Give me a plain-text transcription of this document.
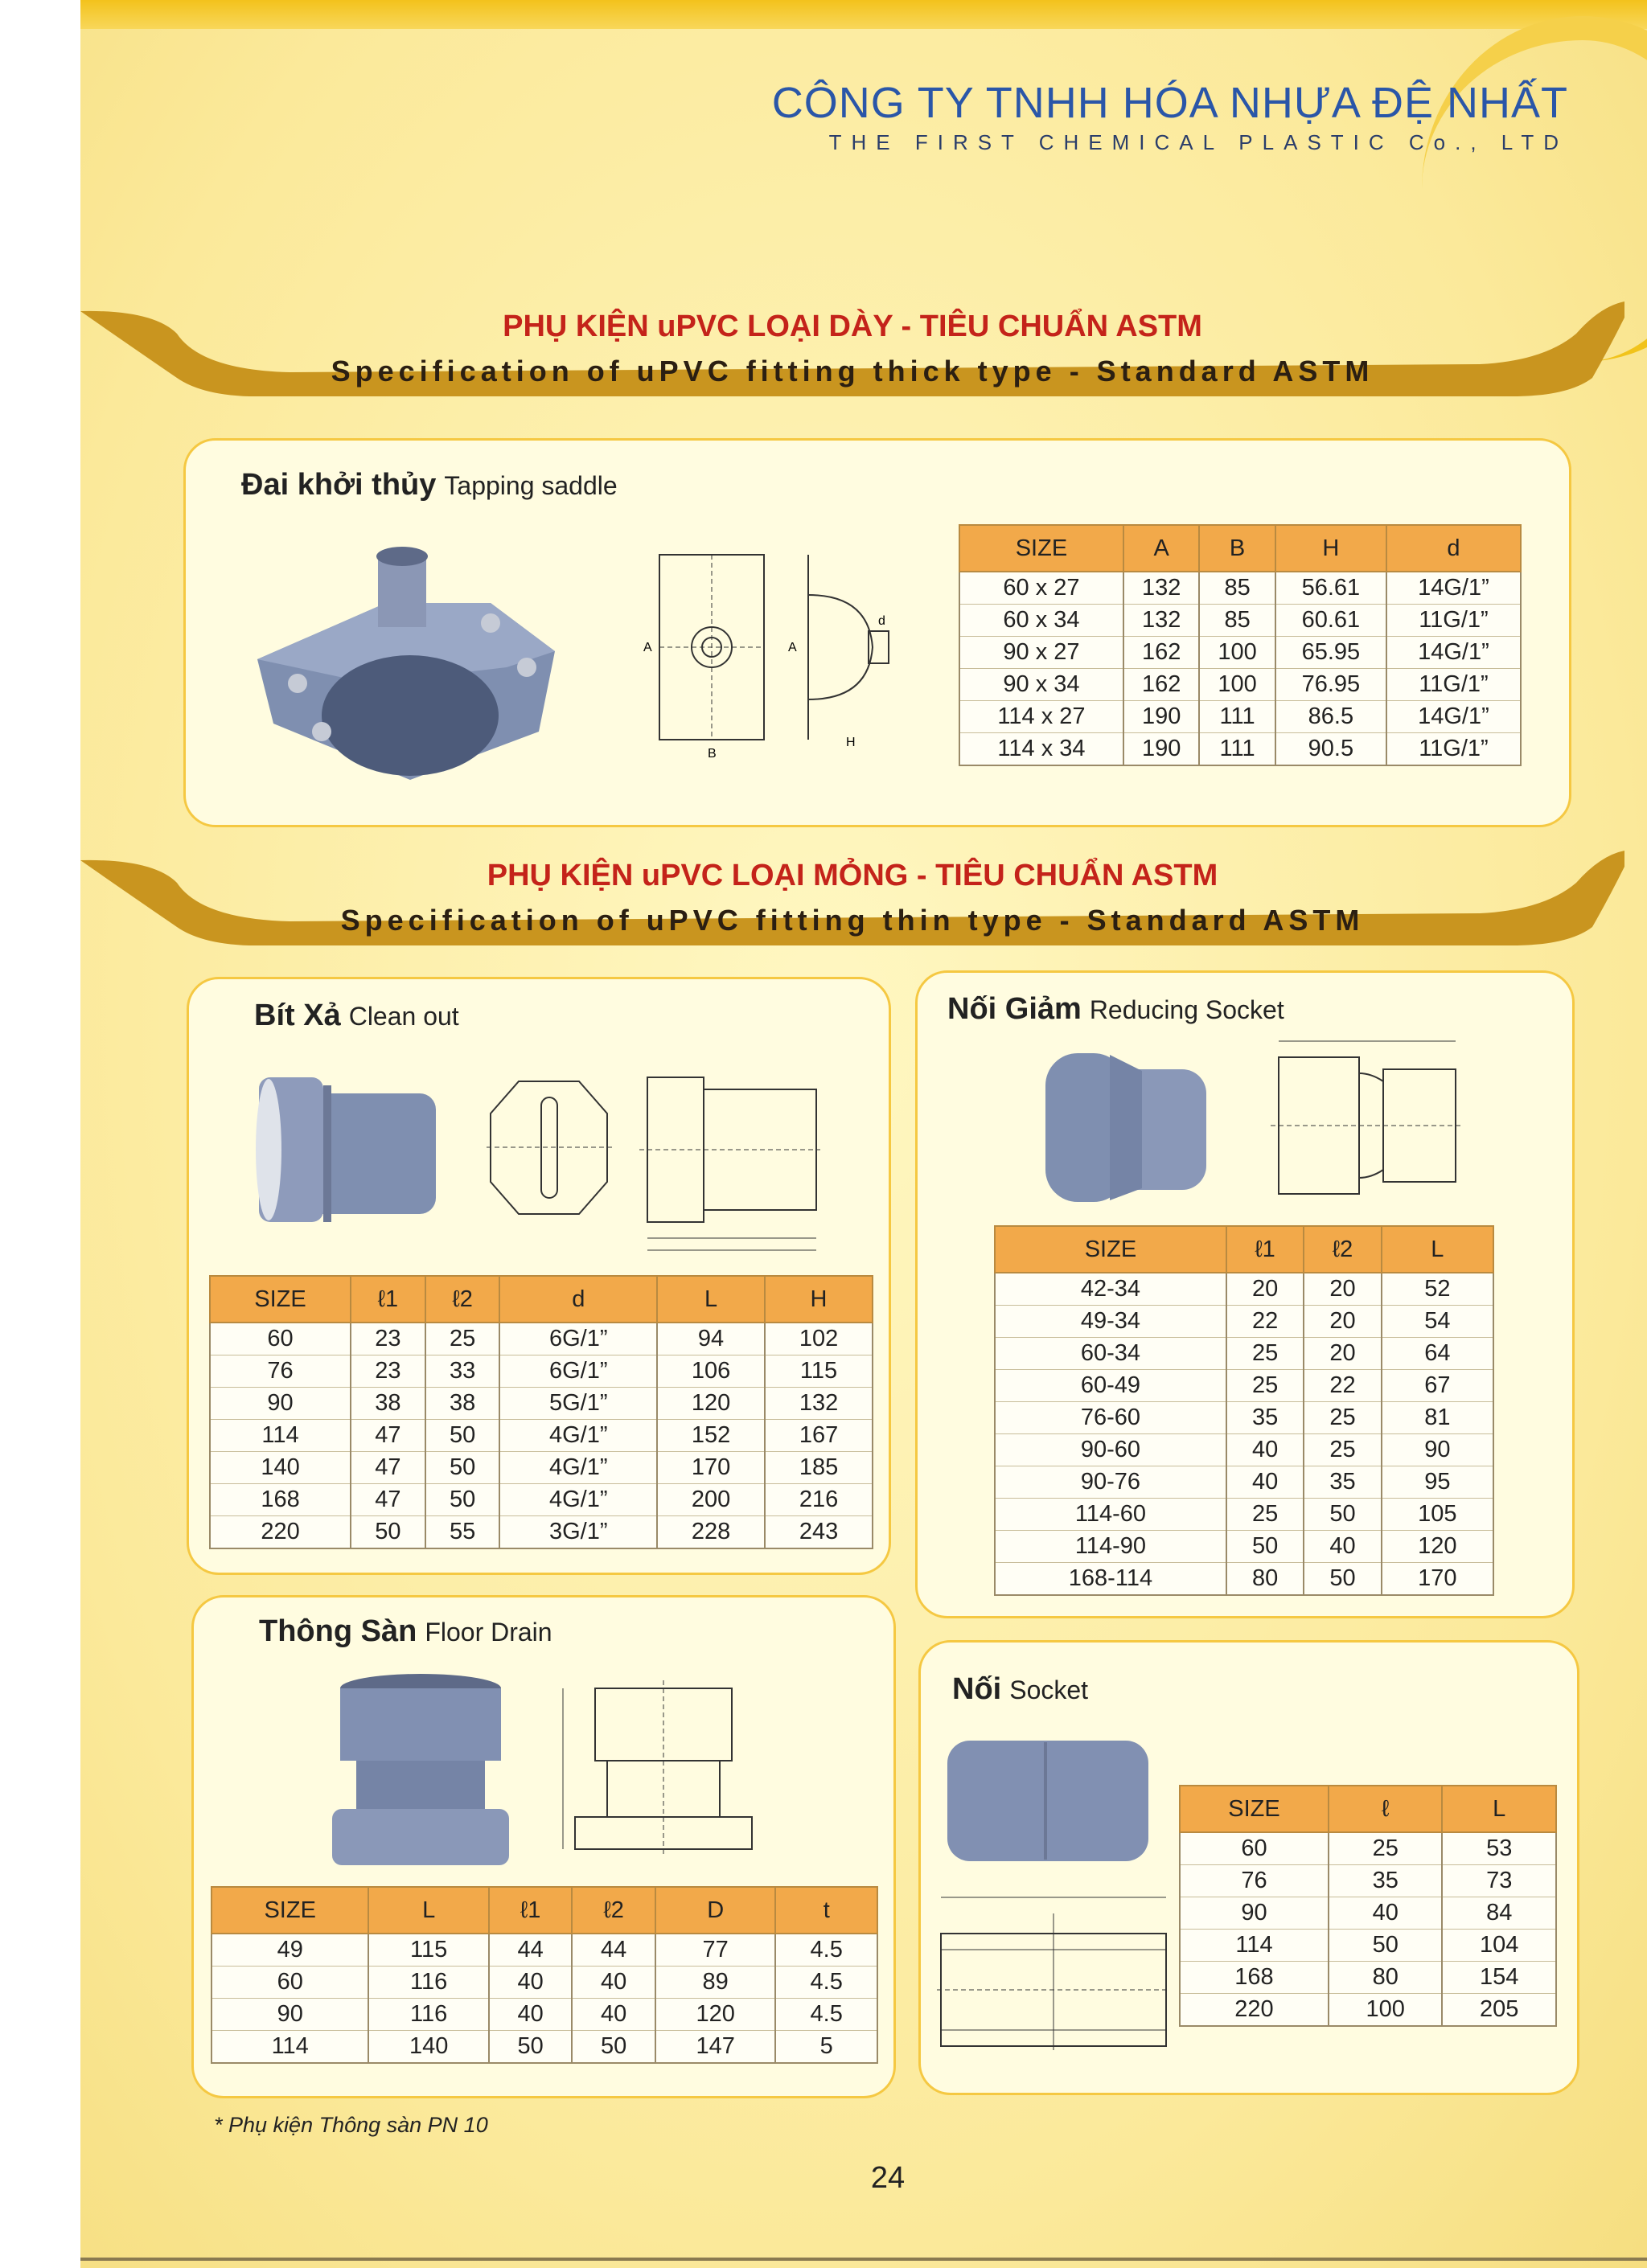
CÔNG TY TNHH HÓA NHỰA ĐỆ NHẤT
THE FIRST CHEMICAL PLASTIC Co., LTD
PHỤ KIỆN uPVC LOẠI DÀY - TIÊU CHUẨN ASTM
Specification of uPVC fitting thick type - Standard ASTM
PHỤ KIỆN uPVC LOẠI MỎNG - TIÊU CHUẨN ASTM
Specification of uPVC fitting thin type - Standard ASTM
Đai khởi thủy Tapping saddle
A
B
A
H
d
SIZE	A	B	H	d
60 x 27	132	85	56.61	14G/1”
60 x 34	132	85	60.61	11G/1”
90 x 27	162	100	65.95	14G/1”
90 x 34	162	100	76.95	11G/1”
114 x 27	190	111	86.5	14G/1”
114 x 34	190	111	90.5	11G/1”
Bít Xả Clean out
SIZE	ℓ1	ℓ2	d	L	H
60	23	25	6G/1”	94	102
76	23	33	6G/1”	106	115
90	38	38	5G/1”	120	132
114	47	50	4G/1”	152	167
140	47	50	4G/1”	170	185
168	47	50	4G/1”	200	216
220	50	55	3G/1”	228	243
Nối Giảm Reducing Socket
SIZE	ℓ1	ℓ2	L
42-34	20	20	52
49-34	22	20	54
60-34	25	20	64
60-49	25	22	67
76-60	35	25	81
90-60	40	25	90
90-76	40	35	95
114-60	25	50	105
114-90	50	40	120
168-114	80	50	170
Thông Sàn Floor Drain
SIZE	L	ℓ1	ℓ2	D	t
49	115	44	44	77	4.5
60	116	40	40	89	4.5
90	116	40	40	120	4.5
114	140	50	50	147	5
Nối Socket
SIZE	ℓ	L
60	25	53
76	35	73
90	40	84
114	50	104
168	80	154
220	100	205
* Phụ kiện Thông sàn PN 10
24
